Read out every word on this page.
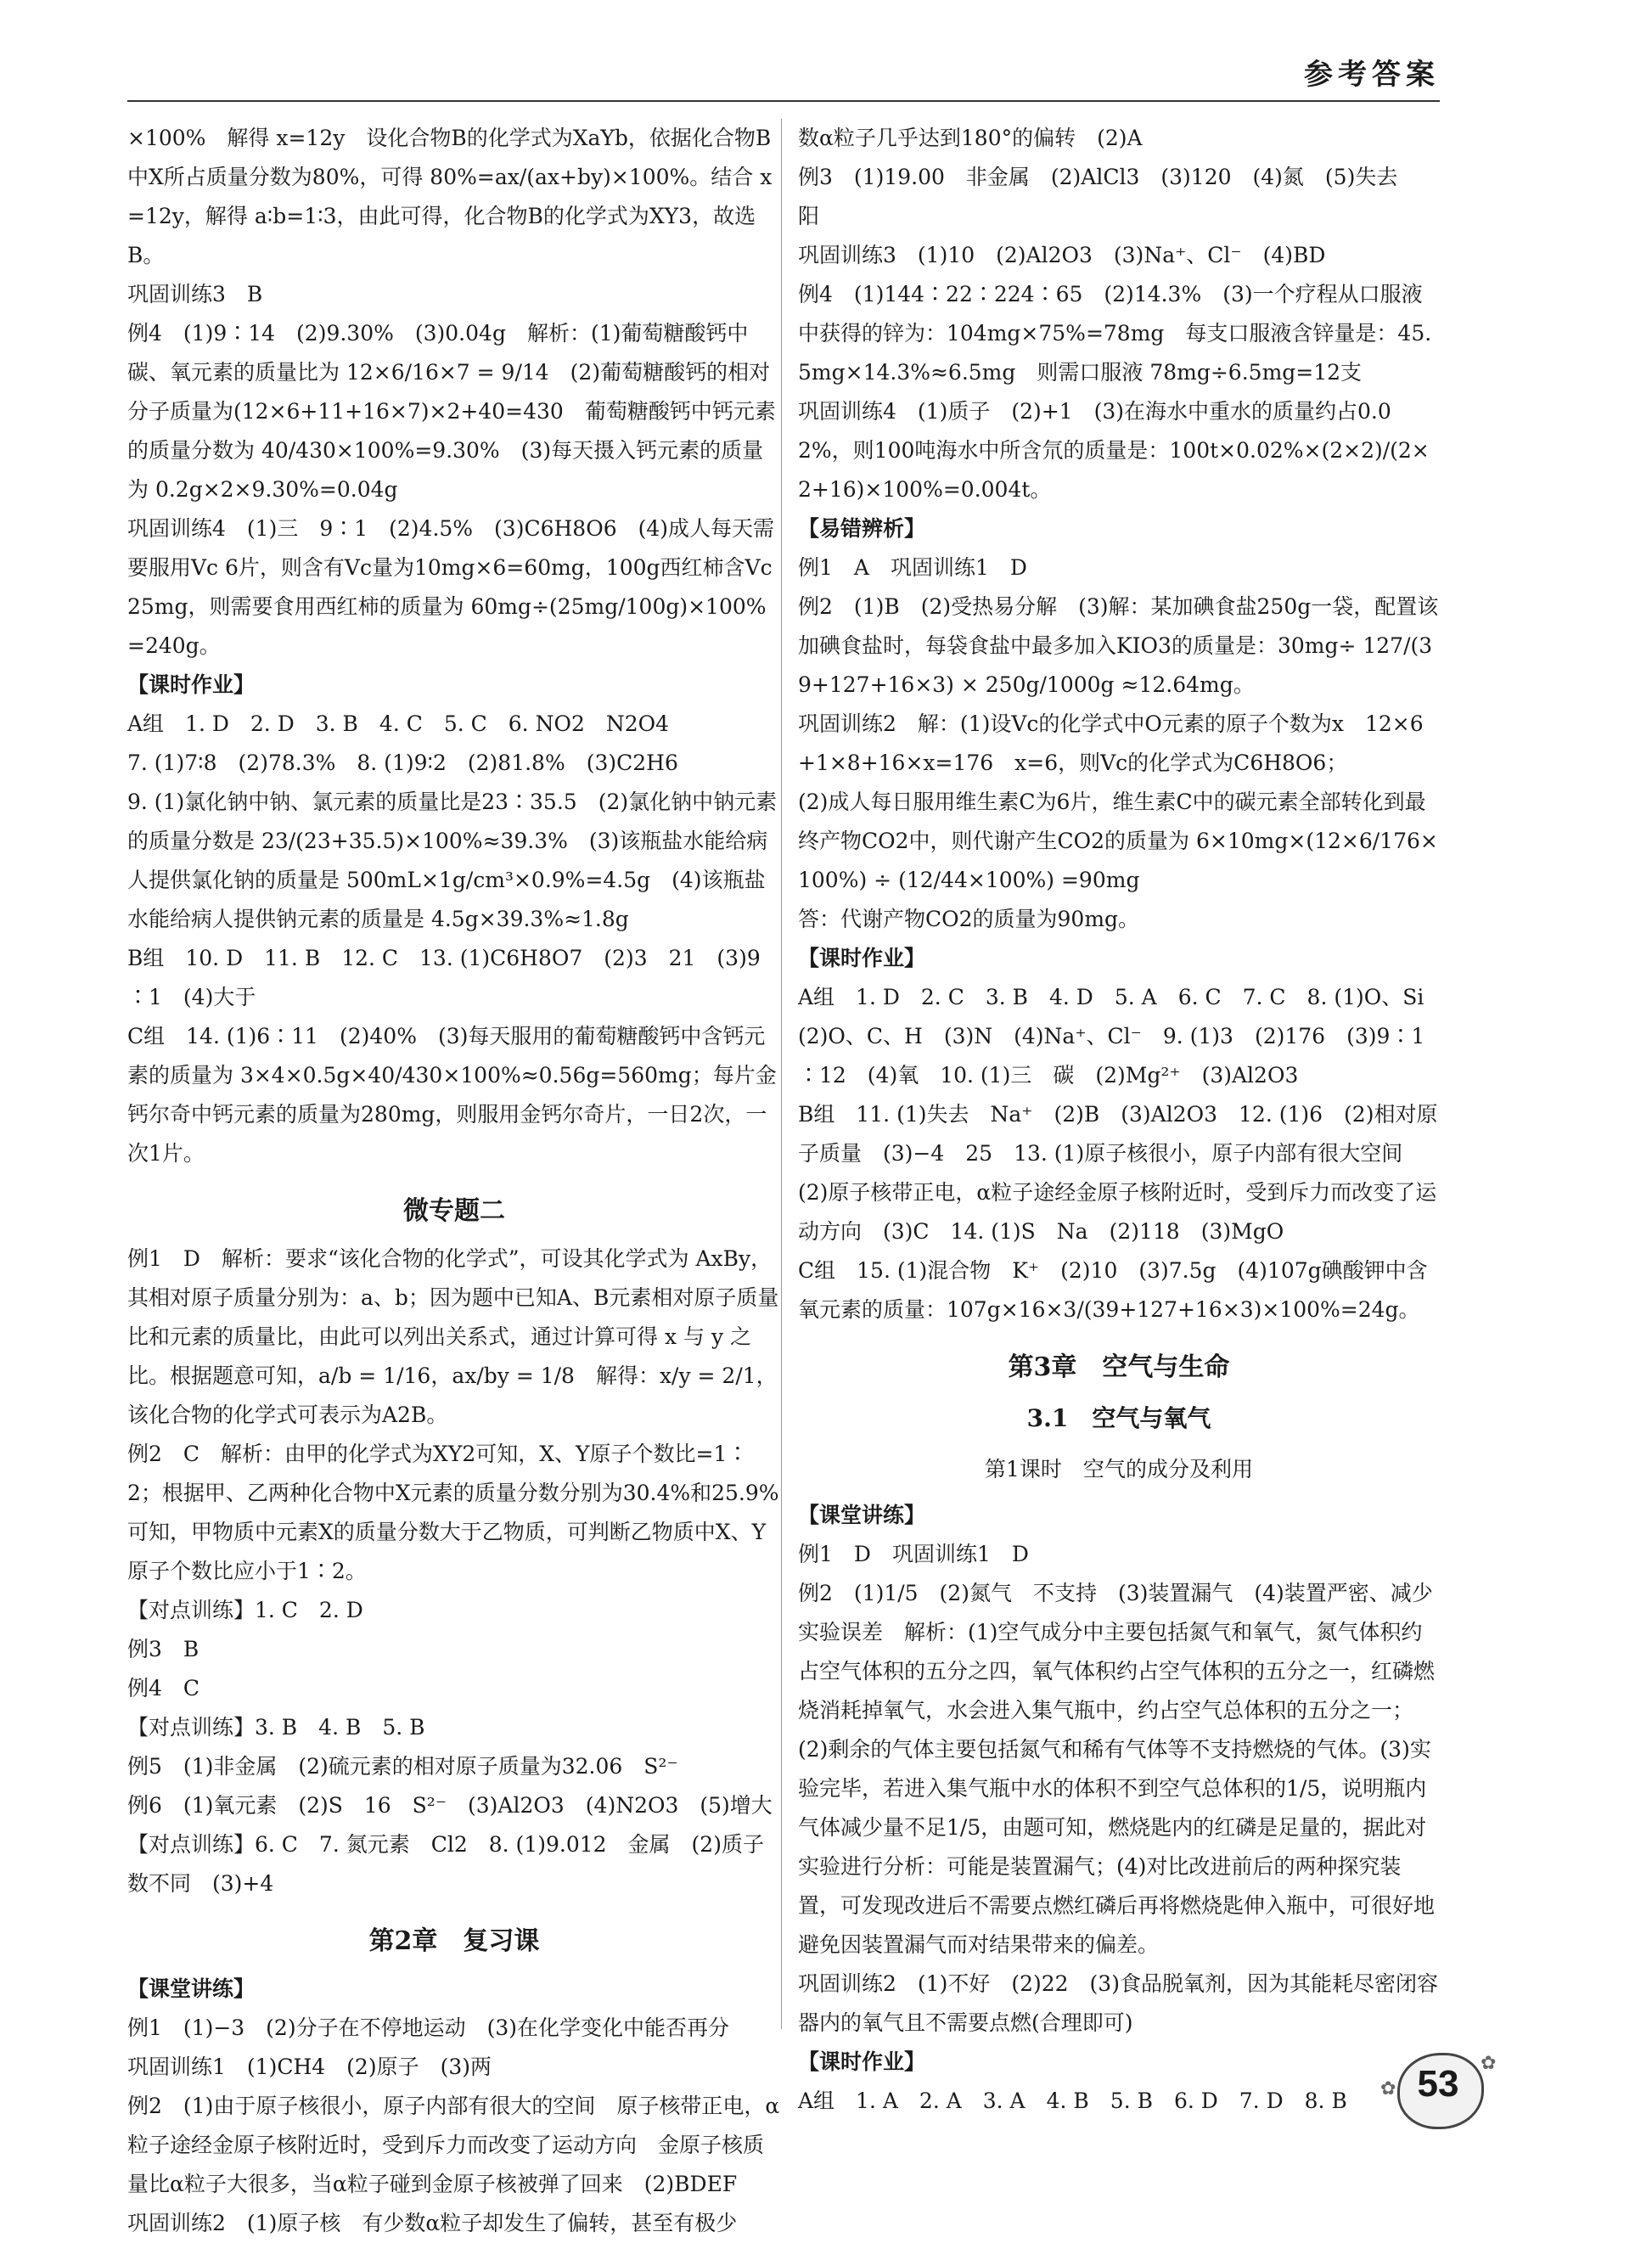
参考答案
×100%　解得 x=12y　设化合物B的化学式为XaYb，依据化合物B中X所占质量分数为80%，可得 80%=ax/(ax+by)×100%。结合 x=12y，解得 a∶b=1∶3，由此可得，化合物B的化学式为XY3，故选B。
巩固训练3　B
例4　(1)9∶14　(2)9.30%　(3)0.04g　解析：(1)葡萄糖酸钙中碳、氧元素的质量比为 12×6/16×7 = 9/14　(2)葡萄糖酸钙的相对分子质量为(12×6+11+16×7)×2+40=430　葡萄糖酸钙中钙元素的质量分数为 40/430×100%=9.30%　(3)每天摄入钙元素的质量为 0.2g×2×9.30%=0.04g
巩固训练4　(1)三　9∶1　(2)4.5%　(3)C6H8O6　(4)成人每天需要服用Vc 6片，则含有Vc量为10mg×6=60mg，100g西红柿含Vc 25mg，则需要食用西红柿的质量为 60mg÷(25mg/100g)×100%=240g。
【课时作业】
A组　1. D　2. D　3. B　4. C　5. C　6. NO2　N2O4
7. (1)7∶8　(2)78.3%　8. (1)9∶2　(2)81.8%　(3)C2H6
9. (1)氯化钠中钠、氯元素的质量比是23∶35.5　(2)氯化钠中钠元素的质量分数是 23/(23+35.5)×100%≈39.3%　(3)该瓶盐水能给病人提供氯化钠的质量是 500mL×1g/cm³×0.9%=4.5g　(4)该瓶盐水能给病人提供钠元素的质量是 4.5g×39.3%≈1.8g
B组　10. D　11. B　12. C　13. (1)C6H8O7　(2)3　21　(3)9∶1　(4)大于
C组　14. (1)6∶11　(2)40%　(3)每天服用的葡萄糖酸钙中含钙元素的质量为 3×4×0.5g×40/430×100%≈0.56g=560mg；每片金钙尔奇中钙元素的质量为280mg，则服用金钙尔奇片，一日2次，一次1片。
微专题二
例1　D　解析：要求“该化合物的化学式”，可设其化学式为 AxBy，其相对原子质量分别为：a、b；因为题中已知A、B元素相对原子质量比和元素的质量比，由此可以列出关系式，通过计算可得 x 与 y 之比。根据题意可知，a/b = 1/16，ax/by = 1/8　解得：x/y = 2/1，该化合物的化学式可表示为A2B。
例2　C　解析：由甲的化学式为XY2可知，X、Y原子个数比=1∶2；根据甲、乙两种化合物中X元素的质量分数分别为30.4%和25.9%可知，甲物质中元素X的质量分数大于乙物质，可判断乙物质中X、Y原子个数比应小于1∶2。
【对点训练】1. C　2. D
例3　B
例4　C
【对点训练】3. B　4. B　5. B
例5　(1)非金属　(2)硫元素的相对原子质量为32.06　S²⁻
例6　(1)氧元素　(2)S　16　S²⁻　(3)Al2O3　(4)N2O3　(5)增大
【对点训练】6. C　7. 氮元素　Cl2　8. (1)9.012　金属　(2)质子数不同　(3)+4
第2章　复习课
【课堂讲练】
例1　(1)−3　(2)分子在不停地运动　(3)在化学变化中能否再分
巩固训练1　(1)CH4　(2)原子　(3)两
例2　(1)由于原子核很小，原子内部有很大的空间　原子核带正电，α粒子途经金原子核附近时，受到斥力而改变了运动方向　金原子核质量比α粒子大很多，当α粒子碰到金原子核被弹了回来　(2)BDEF
巩固训练2　(1)原子核　有少数α粒子却发生了偏转，甚至有极少
数α粒子几乎达到180°的偏转　(2)A
例3　(1)19.00　非金属　(2)AlCl3　(3)120　(4)氮　(5)失去　阳
巩固训练3　(1)10　(2)Al2O3　(3)Na⁺、Cl⁻　(4)BD
例4　(1)144∶22∶224∶65　(2)14.3%　(3)一个疗程从口服液中获得的锌为：104mg×75%=78mg　每支口服液含锌量是：45.5mg×14.3%≈6.5mg　则需口服液 78mg÷6.5mg=12支
巩固训练4　(1)质子　(2)+1　(3)在海水中重水的质量约占0.02%，则100吨海水中所含氘的质量是：100t×0.02%×(2×2)/(2×2+16)×100%=0.004t。
【易错辨析】
例1　A　巩固训练1　D
例2　(1)B　(2)受热易分解　(3)解：某加碘食盐250g一袋，配置该加碘食盐时，每袋食盐中最多加入KIO3的质量是：30mg÷ 127/(39+127+16×3) × 250g/1000g ≈12.64mg。
巩固训练2　解：(1)设Vc的化学式中O元素的原子个数为x　12×6+1×8+16×x=176　x=6，则Vc的化学式为C6H8O6；
(2)成人每日服用维生素C为6片，维生素C中的碳元素全部转化到最终产物CO2中，则代谢产生CO2的质量为 6×10mg×(12×6/176×100%) ÷ (12/44×100%) =90mg
答：代谢产物CO2的质量为90mg。
【课时作业】
A组　1. D　2. C　3. B　4. D　5. A　6. C　7. C　8. (1)O、Si　(2)O、C、H　(3)N　(4)Na⁺、Cl⁻　9. (1)3　(2)176　(3)9∶1∶12　(4)氧　10. (1)三　碳　(2)Mg²⁺　(3)Al2O3
B组　11. (1)失去　Na⁺　(2)B　(3)Al2O3　12. (1)6　(2)相对原子质量　(3)−4　25　13. (1)原子核很小，原子内部有很大空间　(2)原子核带正电，α粒子途经金原子核附近时，受到斥力而改变了运动方向　(3)C　14. (1)S　Na　(2)118　(3)MgO
C组　15. (1)混合物　K⁺　(2)10　(3)7.5g　(4)107g碘酸钾中含氧元素的质量：107g×16×3/(39+127+16×3)×100%=24g。
第3章　空气与生命
3.1　空气与氧气
第1课时　空气的成分及利用
【课堂讲练】
例1　D　巩固训练1　D
例2　(1)1/5　(2)氮气　不支持　(3)装置漏气　(4)装置严密、减少实验误差　解析：(1)空气成分中主要包括氮气和氧气，氮气体积约占空气体积的五分之四，氧气体积约占空气体积的五分之一，红磷燃烧消耗掉氧气，水会进入集气瓶中，约占空气总体积的五分之一；(2)剩余的气体主要包括氮气和稀有气体等不支持燃烧的气体。(3)实验完毕，若进入集气瓶中水的体积不到空气总体积的1/5，说明瓶内气体减少量不足1/5，由题可知，燃烧匙内的红磷是足量的，据此对实验进行分析：可能是装置漏气；(4)对比改进前后的两种探究装置，可发现改进后不需要点燃红磷后再将燃烧匙伸入瓶中，可很好地避免因装置漏气而对结果带来的偏差。
巩固训练2　(1)不好　(2)22　(3)食品脱氧剂，因为其能耗尽密闭容器内的氧气且不需要点燃(合理即可)
【课时作业】
A组　1. A　2. A　3. A　4. B　5. B　6. D　7. D　8. B	✿ 53	✿
